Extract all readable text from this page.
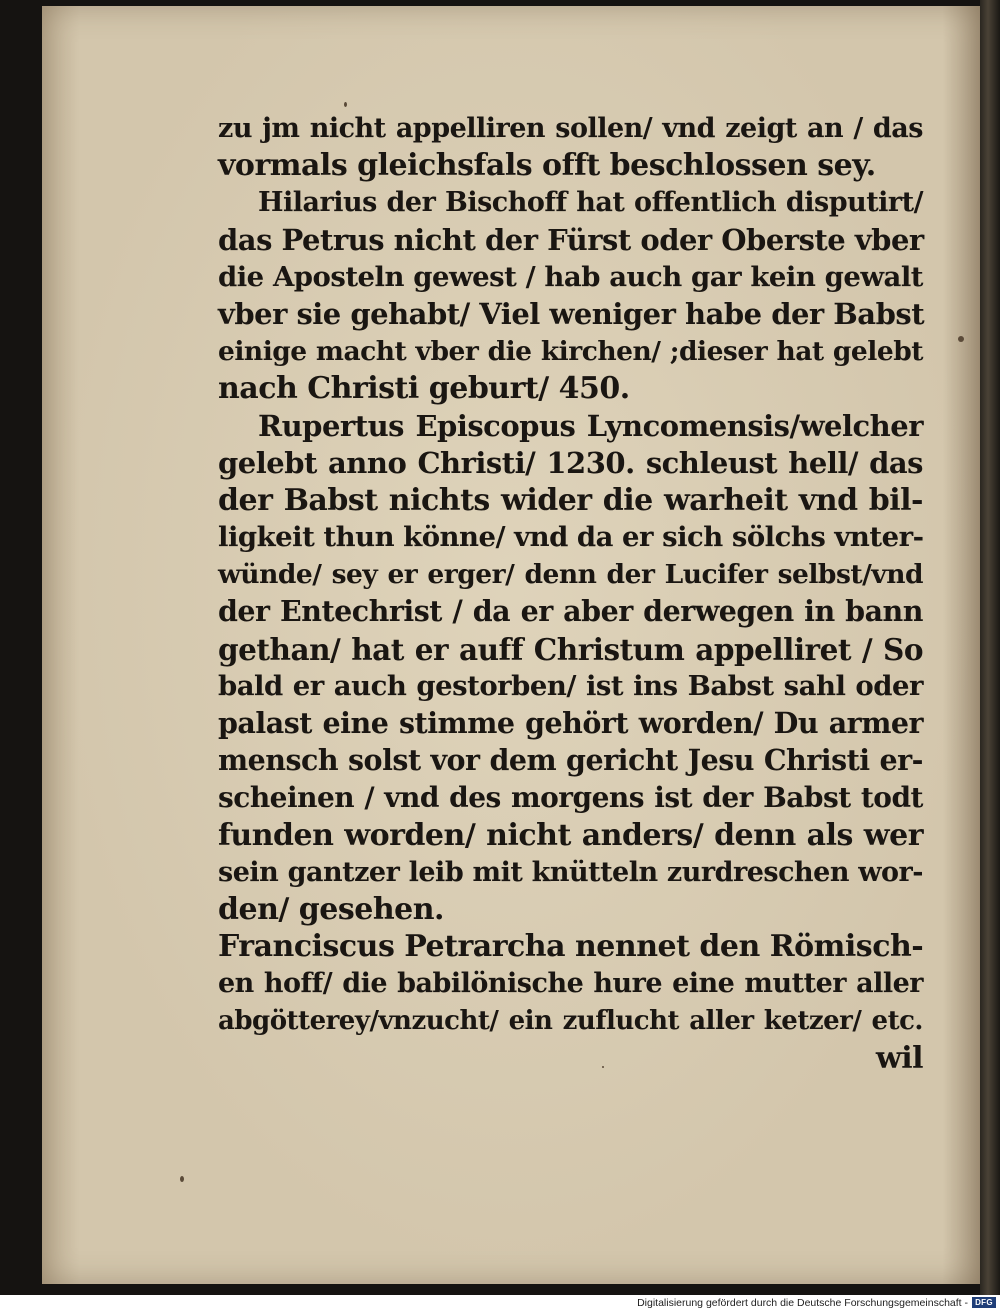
zu jm nicht appelliren sollen/ vnd zeigt an / das
vormals gleichsfals offt beschlossen sey.
Hilarius der Bischoff hat offentlich disputirt/
das Petrus nicht der Fürst oder Oberste vber
die Aposteln gewest / hab auch gar kein gewalt
vber sie gehabt/ Viel weniger habe der Babst
einige macht vber die kirchen/ ;dieser hat gelebt
nach Christi geburt/ 450.
Rupertus Episcopus Lyncomensis/welcher
gelebt anno Christi/ 1230. schleust hell/ das
der Babst nichts wider die warheit vnd bil-
ligkeit thun könne/ vnd da er sich sölchs vnter-
wünde/ sey er erger/ denn der Lucifer selbst/vnd
der Entechrist / da er aber derwegen in bann
gethan/ hat er auff Christum appelliret / So
bald er auch gestorben/ ist ins Babst sahl oder
palast eine stimme gehört worden/ Du armer
mensch solst vor dem gericht Jesu Christi er-
scheinen / vnd des morgens ist der Babst todt
funden worden/ nicht anders/ denn als wer
sein gantzer leib mit knütteln zurdreschen wor-
den/ gesehen.
Franciscus Petrarcha nennet den Römisch-
en hoff/ die babilönische hure eine mutter aller
abgötterey/vnzucht/ ein zuflucht aller ketzer/ etc.
wil
Digitalisierung gefördert durch die Deutsche Forschungsgemeinschaft - DFG
